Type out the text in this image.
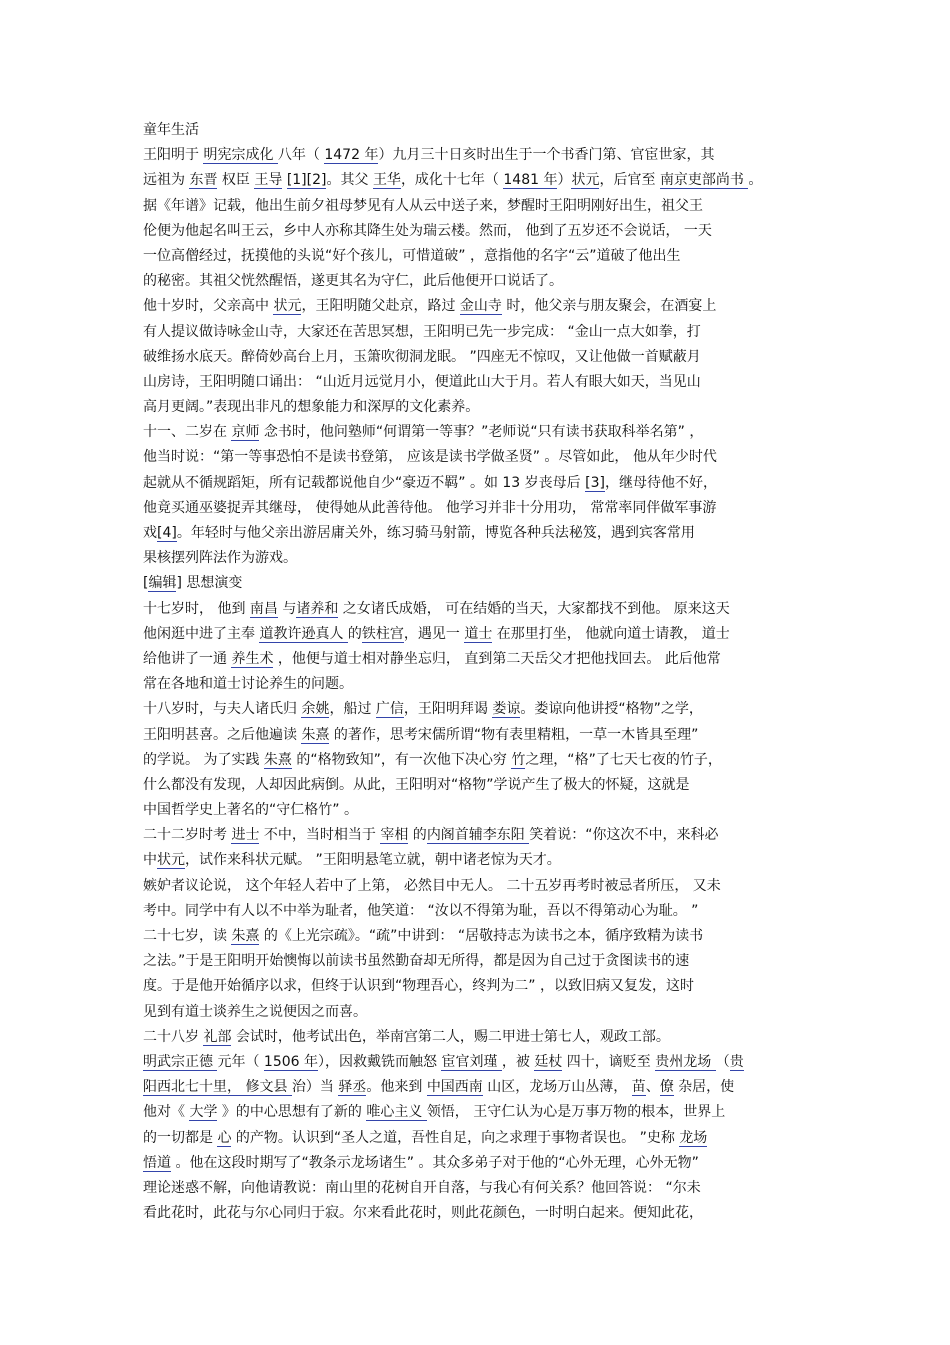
童年生活
王阳明于 明宪宗成化 八年（ 1472 年）九月三十日亥时出生于一个书香门第、官宦世家，其
远祖为 东晋 权臣 王导 [1][2]。其父 王华，成化十七年（ 1481 年）状元，后官至 南京吏部尚书 。
据《年谱》记载，他出生前夕祖母梦见有人从云中送子来，梦醒时王阳明刚好出生，祖父王
伦便为他起名叫王云，乡中人亦称其降生处为瑞云楼。然而， 他到了五岁还不会说话， 一天
一位高僧经过，抚摸他的头说“好个孩儿，可惜道破” ，意指他的名字“云”道破了他出生
的秘密。其祖父恍然醒悟，遂更其名为守仁，此后他便开口说话了。
他十岁时，父亲高中 状元，王阳明随父赴京，路过 金山寺 时，他父亲与朋友聚会，在酒宴上
有人提议做诗咏金山寺，大家还在苦思冥想，王阳明已先一步完成： “金山一点大如拳，打
破维扬水底天。醉倚妙高台上月，玉箫吹彻洞龙眠。 ”四座无不惊叹，又让他做一首赋蔽月
山房诗，王阳明随口诵出： “山近月远觉月小，便道此山大于月。若人有眼大如天，当见山
高月更阔。”表现出非凡的想象能力和深厚的文化素养。
十一、二岁在 京师 念书时，他问塾师“何谓第一等事？”老师说“只有读书获取科举名第” ，
他当时说：“第一等事恐怕不是读书登第， 应该是读书学做圣贤” 。尽管如此， 他从年少时代
起就从不循规蹈矩，所有记载都说他自少“豪迈不羁” 。如 13 岁丧母后 [3]，继母待他不好，
他竟买通巫婆捉弄其继母， 使得她从此善待他。 他学习并非十分用功， 常常率同伴做军事游
戏[4]。年轻时与他父亲出游居庸关外，练习骑马射箭，博览各种兵法秘笈，遇到宾客常用
果核摆列阵法作为游戏。
[编辑] 思想演变
十七岁时， 他到 南昌 与诸养和 之女诸氏成婚， 可在结婚的当天，大家都找不到他。 原来这天
他闲逛中进了主奉 道教许逊真人 的铁柱宫，遇见一 道士 在那里打坐， 他就向道士请教， 道士
给他讲了一通 养生术 ，他便与道士相对静坐忘归， 直到第二天岳父才把他找回去。 此后他常
常在各地和道士讨论养生的问题。
十八岁时，与夫人诸氏归 余姚，船过 广信，王阳明拜谒 娄谅。娄谅向他讲授“格物”之学，
王阳明甚喜。之后他遍读 朱熹 的著作，思考宋儒所谓“物有表里精粗，一草一木皆具至理”
的学说。 为了实践 朱熹 的“格物致知”，有一次他下决心穷 竹之理，“格”了七天七夜的竹子，
什么都没有发现，人却因此病倒。从此，王阳明对“格物”学说产生了极大的怀疑，这就是
中国哲学史上著名的“守仁格竹” 。
二十二岁时考 进士 不中，当时相当于 宰相 的内阁首辅李东阳 笑着说：“你这次不中，来科必
中状元，试作来科状元赋。 ”王阳明悬笔立就，朝中诸老惊为天才。
嫉妒者议论说， 这个年轻人若中了上第， 必然目中无人。 二十五岁再考时被忌者所压， 又未
考中。同学中有人以不中举为耻者，他笑道： “汝以不得第为耻，吾以不得第动心为耻。 ”
二十七岁，读 朱熹 的《上光宗疏》。“疏”中讲到： “居敬持志为读书之本，循序致精为读书
之法。”于是王阳明开始懊悔以前读书虽然勤奋却无所得，都是因为自己过于贪图读书的速
度。于是他开始循序以求，但终于认识到“物理吾心，终判为二” ，以致旧病又复发，这时
见到有道士谈养生之说便因之而喜。
二十八岁 礼部 会试时，他考试出色，举南宫第二人，赐二甲进士第七人，观政工部。
明武宗正德 元年（ 1506 年），因救戴铣而触怒 宦官刘瑾 ，被 廷杖 四十，谪贬至 贵州龙场 （贵
阳西北七十里， 修文县 治）当 驿丞。他来到 中国西南 山区，龙场万山丛薄， 苗、僚 杂居，使
他对《 大学 》的中心思想有了新的 唯心主义 领悟， 王守仁认为心是万事万物的根本，世界上
的一切都是 心 的产物。认识到“圣人之道，吾性自足，向之求理于事物者误也。 ”史称 龙场
悟道 。他在这段时期写了“教条示龙场诸生” 。其众多弟子对于他的“心外无理，心外无物”
理论迷惑不解，向他请教说：南山里的花树自开自落，与我心有何关系？他回答说： “尔未
看此花时，此花与尔心同归于寂。尔来看此花时，则此花颜色，一时明白起来。便知此花，
